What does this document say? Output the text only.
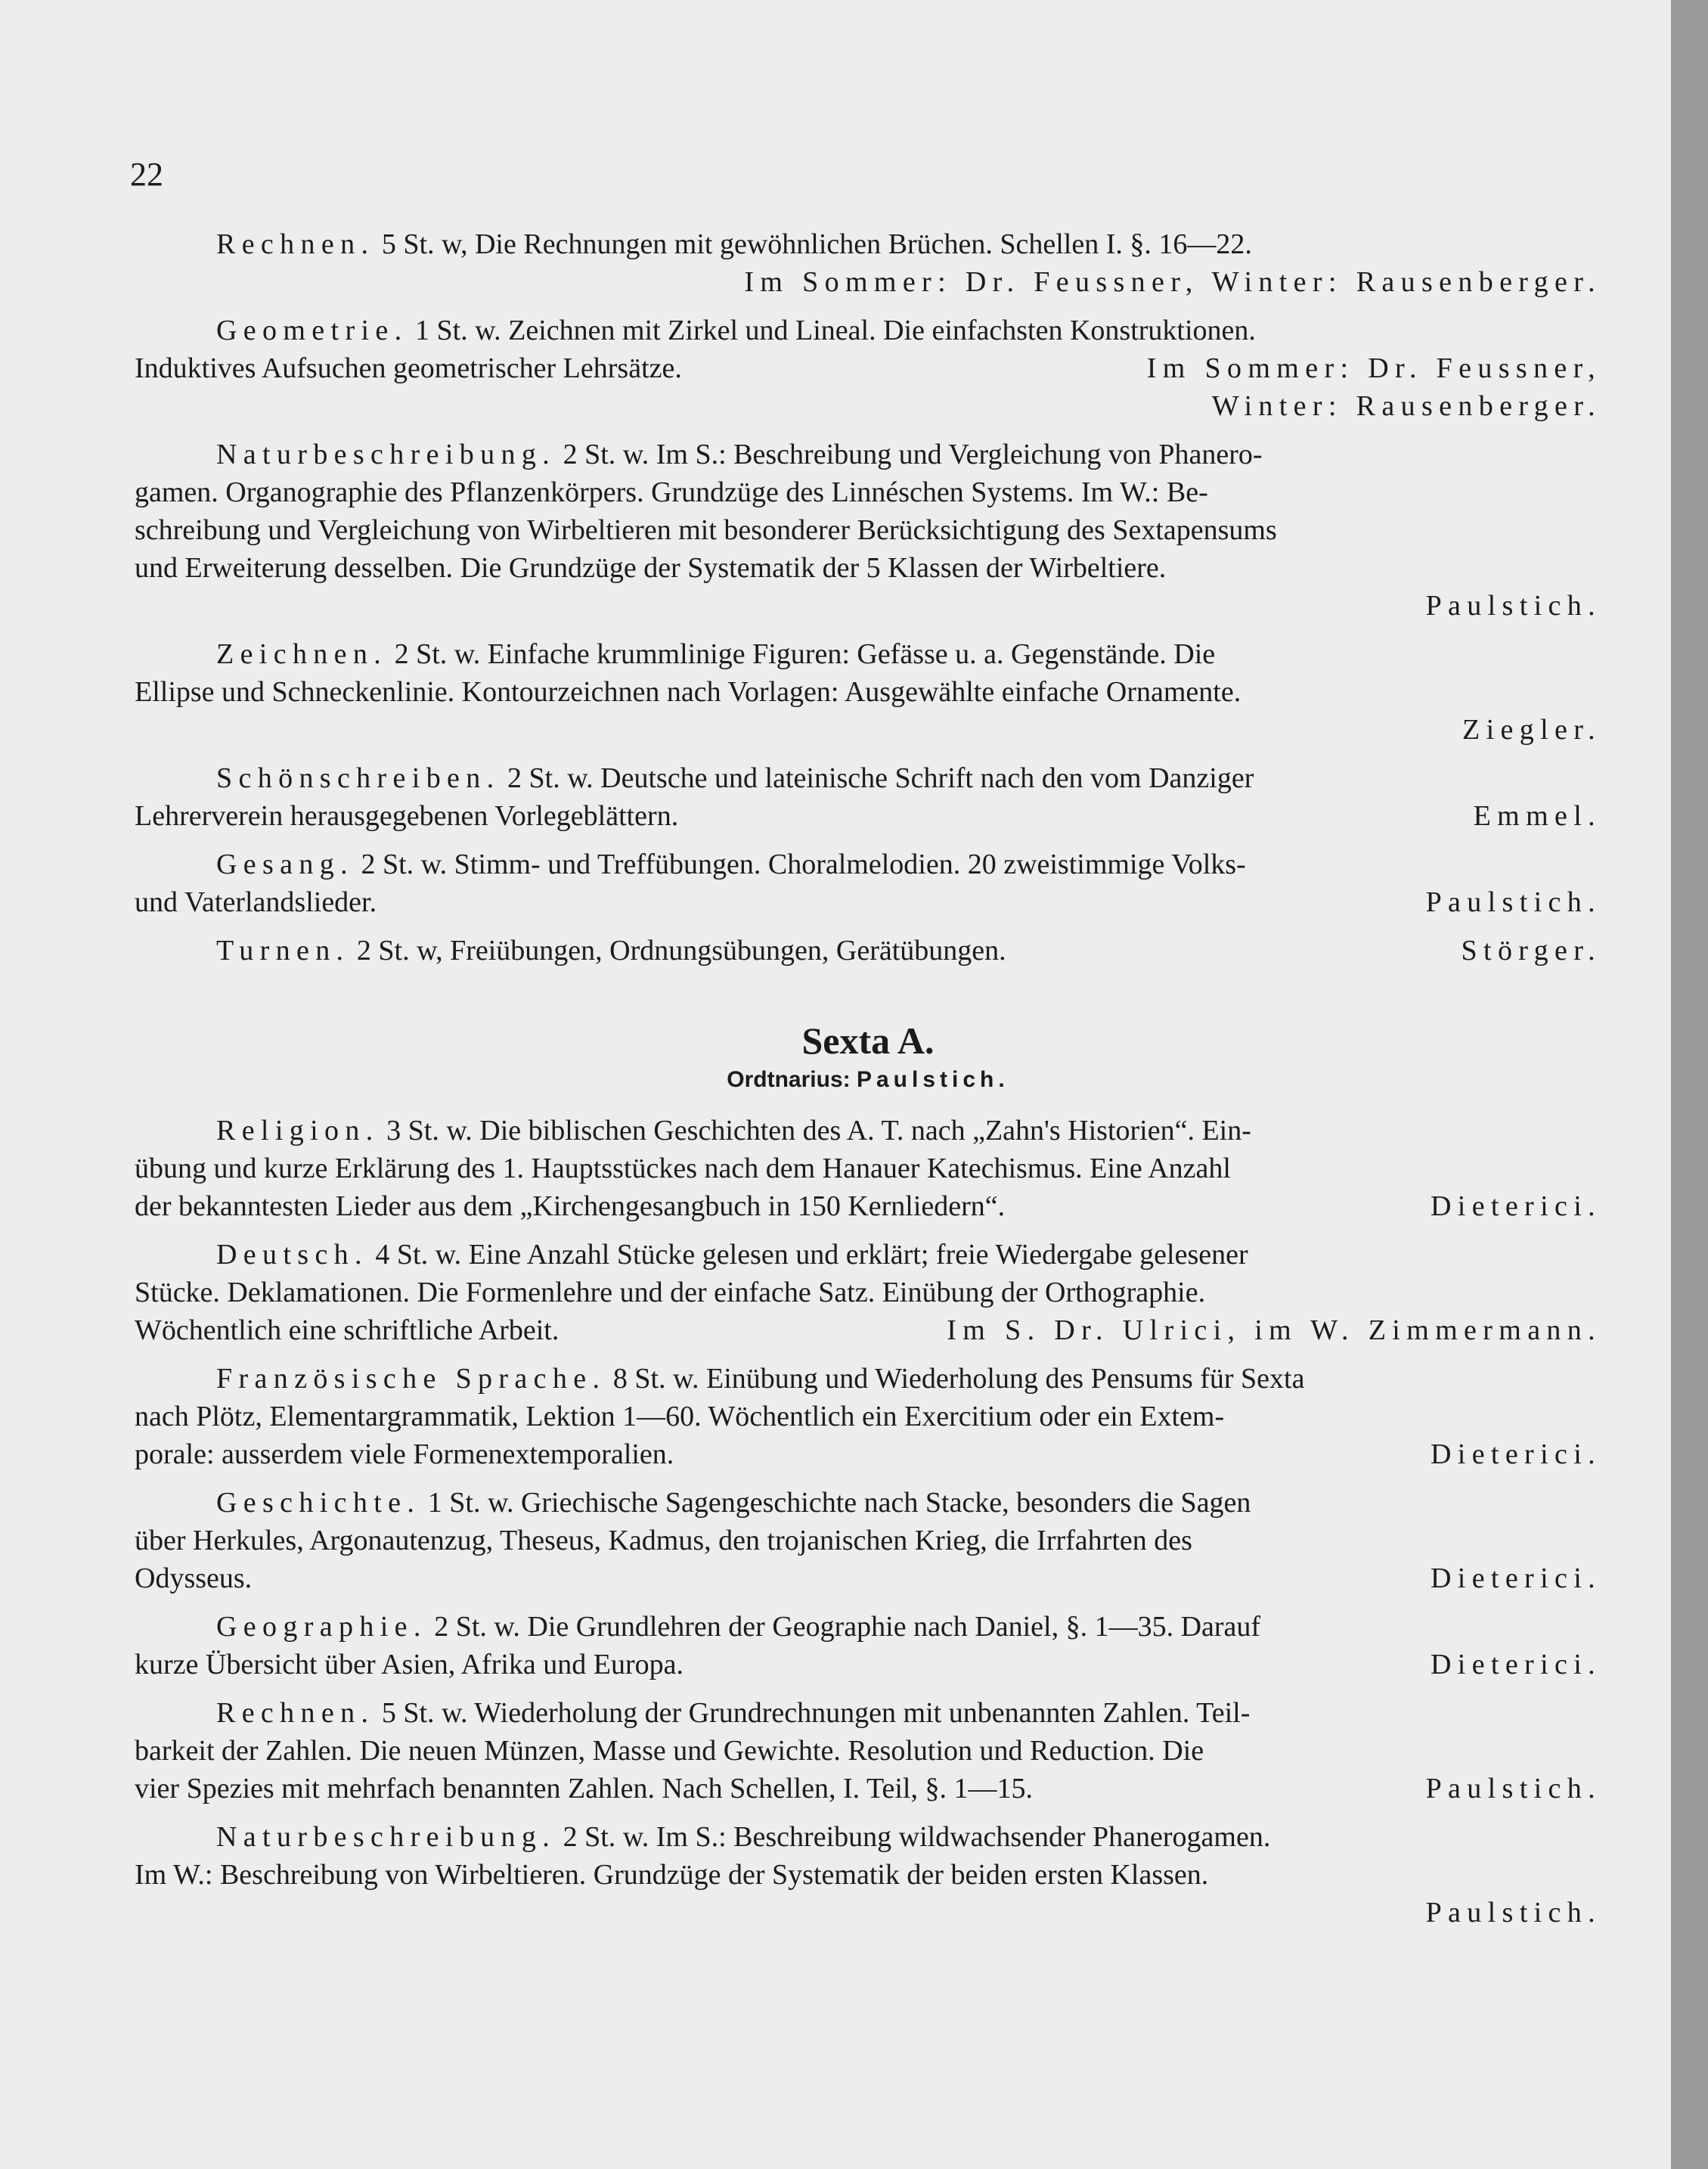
22
Rechnen. 5 St. w, Die Rechnungen mit gewöhnlichen Brüchen. Schellen I. §. 16—22.
Im Sommer: Dr. Feussner, Winter: Rausenberger.
Geometrie. 1 St. w. Zeichnen mit Zirkel und Lineal. Die einfachsten Konstruktionen.
Induktives Aufsuchen geometrischer Lehrsätze.	Im Sommer: Dr. Feussner,
Winter: Rausenberger.
Naturbeschreibung. 2 St. w. Im S.: Beschreibung und Vergleichung von Phanero-
gamen. Organographie des Pflanzenkörpers. Grundzüge des Linnéschen Systems. Im W.: Be-
schreibung und Vergleichung von Wirbeltieren mit besonderer Berücksichtigung des Sextapensums
und Erweiterung desselben. Die Grundzüge der Systematik der 5 Klassen der Wirbeltiere.
Paulstich.
Zeichnen. 2 St. w. Einfache krummlinige Figuren: Gefässe u. a. Gegenstände. Die
Ellipse und Schneckenlinie. Kontourzeichnen nach Vorlagen: Ausgewählte einfache Ornamente.
Ziegler.
Schönschreiben. 2 St. w. Deutsche und lateinische Schrift nach den vom Danziger
Lehrerverein herausgegebenen Vorlegeblättern.	Emmel.
Gesang. 2 St. w. Stimm- und Treffübungen. Choralmelodien. 20 zweistimmige Volks-
und Vaterlandslieder.	Paulstich.
Turnen. 2 St. w, Freiübungen, Ordnungsübungen, Gerätübungen.	Störger.
Sexta A.
Ordtnarius: Paulstich.
Religion. 3 St. w. Die biblischen Geschichten des A. T. nach „Zahn's Historien“. Ein-
übung und kurze Erklärung des 1. Hauptsstückes nach dem Hanauer Katechismus. Eine Anzahl
der bekanntesten Lieder aus dem „Kirchengesangbuch in 150 Kernliedern“.	Dieterici.
Deutsch. 4 St. w. Eine Anzahl Stücke gelesen und erklärt; freie Wiedergabe gelesener
Stücke. Deklamationen. Die Formenlehre und der einfache Satz. Einübung der Orthographie.
Wöchentlich eine schriftliche Arbeit.	Im S. Dr. Ulrici, im W. Zimmermann.
Französische Sprache. 8 St. w. Einübung und Wiederholung des Pensums für Sexta
nach Plötz, Elementargrammatik, Lektion 1—60. Wöchentlich ein Exercitium oder ein Extem-
porale: ausserdem viele Formenextemporalien.	Dieterici.
Geschichte. 1 St. w. Griechische Sagengeschichte nach Stacke, besonders die Sagen
über Herkules, Argonautenzug, Theseus, Kadmus, den trojanischen Krieg, die Irrfahrten des
Odysseus.	Dieterici.
Geographie. 2 St. w. Die Grundlehren der Geographie nach Daniel, §. 1—35. Darauf
kurze Übersicht über Asien, Afrika und Europa.	Dieterici.
Rechnen. 5 St. w. Wiederholung der Grundrechnungen mit unbenannten Zahlen. Teil-
barkeit der Zahlen. Die neuen Münzen, Masse und Gewichte. Resolution und Reduction. Die
vier Spezies mit mehrfach benannten Zahlen. Nach Schellen, I. Teil, §. 1—15.	Paulstich.
Naturbeschreibung. 2 St. w. Im S.: Beschreibung wildwachsender Phanerogamen.
Im W.: Beschreibung von Wirbeltieren. Grundzüge der Systematik der beiden ersten Klassen.
Paulstich.
